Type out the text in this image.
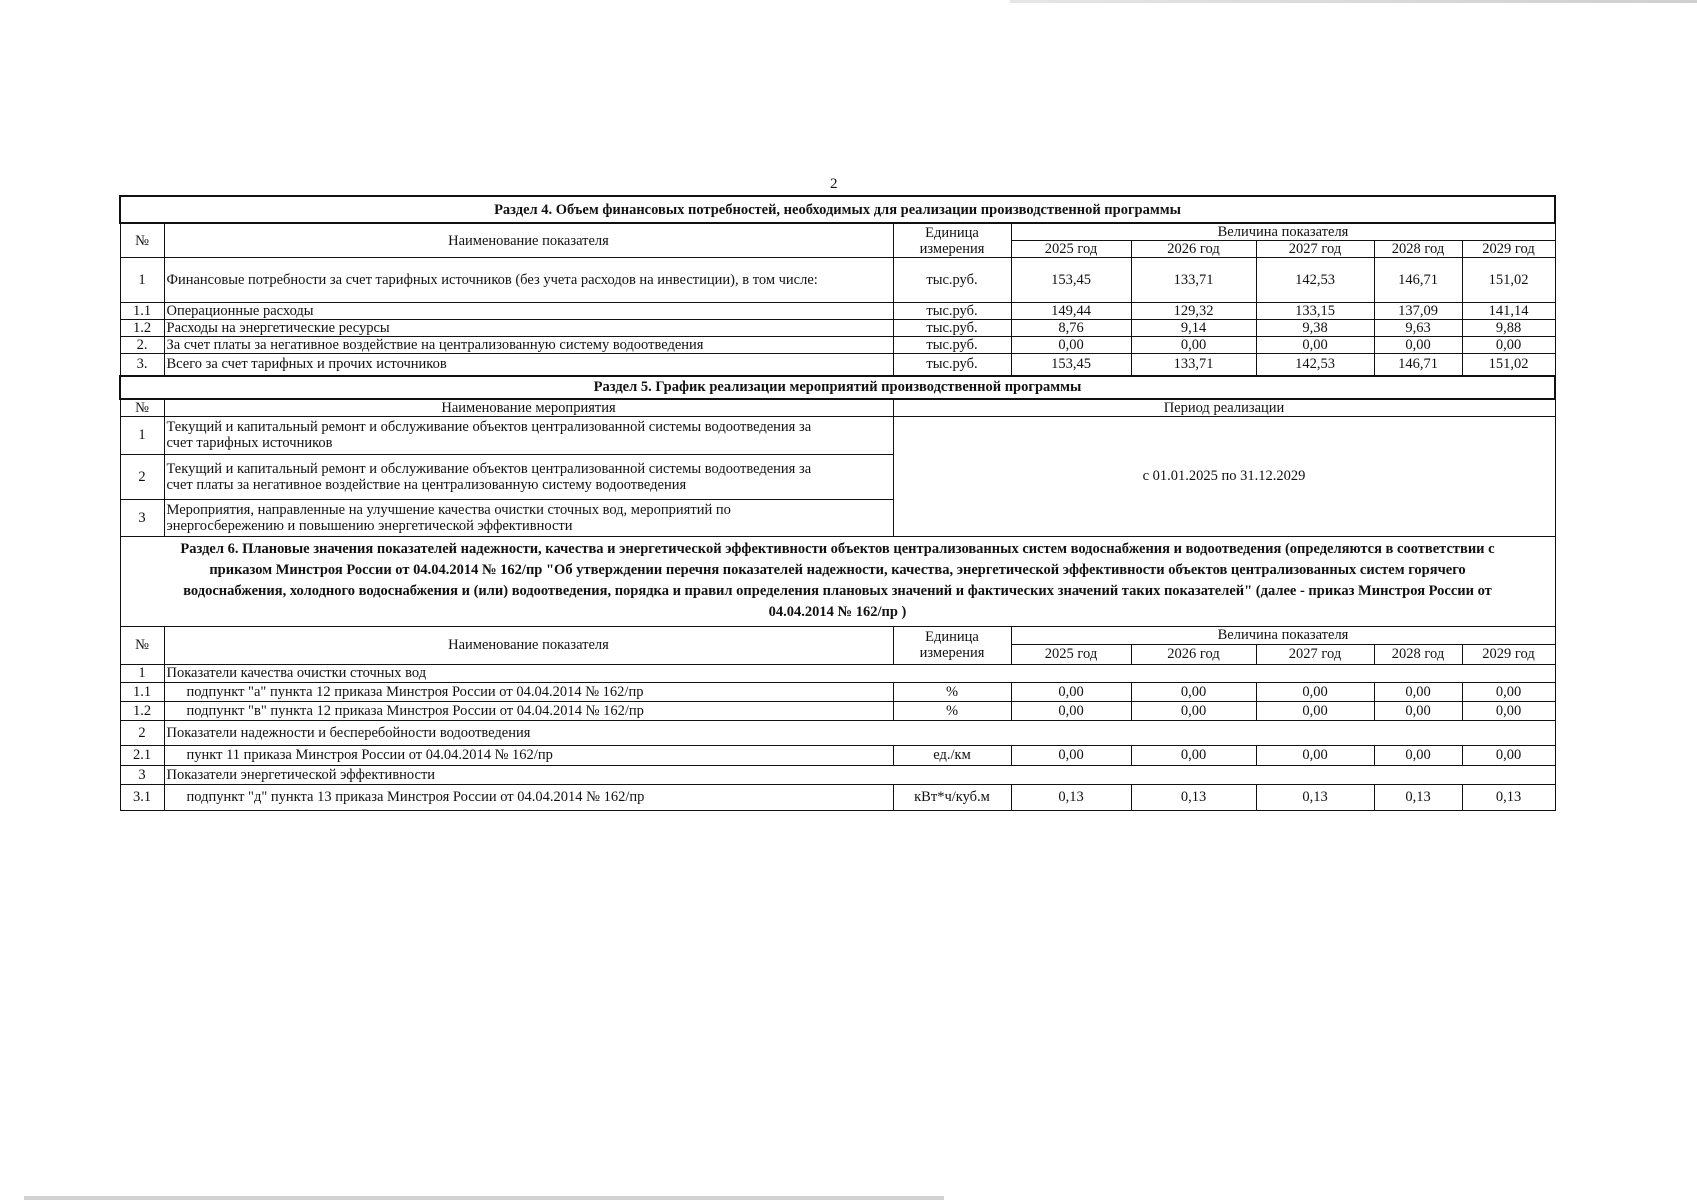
2
Раздел 4. Объем финансовых потребностей, необходимых для реализации производственной программы							
№	Наименование показателя	Единица
измерения	Величина показателя				
			2025 год	2026 год	2027 год	2028 год	2029 год
1	Финансовые потребности за счет тарифных источников (без учета расходов на инвестиции), в том числе:	тыс.руб.	153,45	133,71	142,53	146,71	151,02
1.1	Операционные расходы	тыс.руб.	149,44	129,32	133,15	137,09	141,14
1.2	Расходы на энергетические ресурсы	тыс.руб.	8,76	9,14	9,38	9,63	9,88
2.	За счет платы за негативное воздействие на централизованную систему водоотведения	тыс.руб.	0,00	0,00	0,00	0,00	0,00
3.	Всего за счет тарифных и прочих источников	тыс.руб.	153,45	133,71	142,53	146,71	151,02
Раздел 5. График реализации мероприятий производственной программы							
№	Наименование мероприятия	Период реализации					
1	Текущий и капитальный ремонт и обслуживание объектов централизованной системы водоотведения за
счет тарифных источников	с 01.01.2025 по 31.12.2029					
2	Текущий и капитальный ремонт и обслуживание объектов централизованной системы водоотведения за
счет платы за негативное воздействие на централизованную систему водоотведения						

3	Мероприятия, направленные на улучшение качества очистки сточных вод, мероприятий по
энергосбережению и повышению энергетической эффективности						

Раздел 6. Плановые значения показателей надежности, качества и энергетической эффективности объектов централизованных систем водоснабжения и водоотведения (определяются в соответствии с
приказом Минстроя России от 04.04.2014 № 162/пр "Об утверждении перечня показателей надежности, качества, энергетической эффективности объектов централизованных систем горячего
водоснабжения, холодного водоснабжения и (или) водоотведения, порядка и правил определения плановых значений и фактических значений таких показателей" (далее - приказ Минстроя России от
04.04.2014 № 162/пр )							

№	Наименование показателя	Единица
измерения	Величина показателя				
			2025 год	2026 год	2027 год	2028 год	2029 год
1	Показатели качества очистки сточных вод						
1.1	подпункт "а" пункта 12 приказа Минстроя России от 04.04.2014 № 162/пр	%	0,00	0,00	0,00	0,00	0,00
1.2	подпункт "в" пункта 12 приказа Минстроя России от 04.04.2014 № 162/пр	%	0,00	0,00	0,00	0,00	0,00
2	Показатели надежности и бесперебойности водоотведения						
2.1	пункт 11 приказа Минстроя России от 04.04.2014 № 162/пр	ед./км	0,00	0,00	0,00	0,00	0,00
3	Показатели энергетической эффективности						
3.1	подпункт "д" пункта 13 приказа Минстроя России от 04.04.2014 № 162/пр	кВт*ч/куб.м	0,13	0,13	0,13	0,13	0,13
